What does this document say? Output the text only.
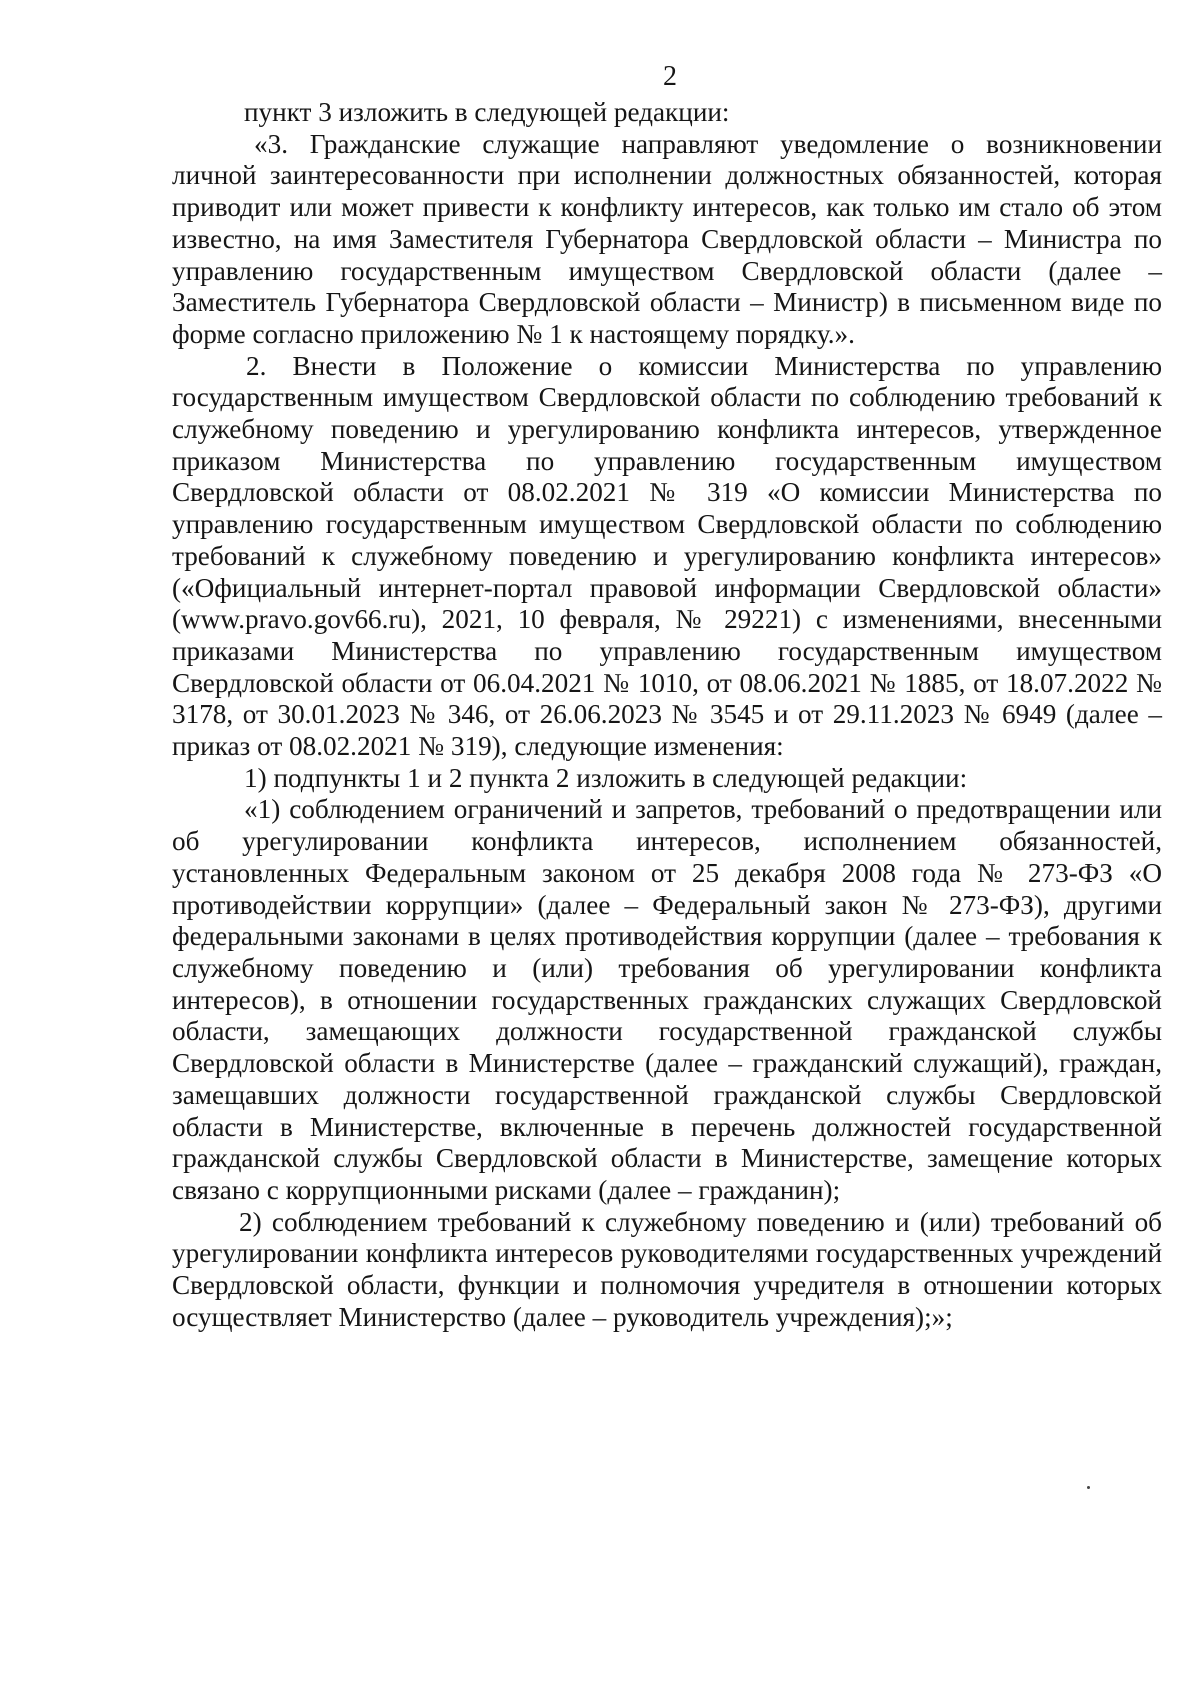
2

пункт 3 изложить в следующей редакции:

«3. Гражданские служащие направляют уведомление о возникновении личной заинтересованности при исполнении должностных обязанностей, которая приводит или может привести к конфликту интересов, как только им стало об этом известно, на имя Заместителя Губернатора Свердловской области – Министра по управлению государственным имуществом Свердловской области (далее – Заместитель Губернатора Свердловской области – Министр) в письменном виде по форме согласно приложению № 1 к настоящему порядку.».

2. Внести в Положение о комиссии Министерства по управлению государственным имуществом Свердловской области по соблюдению требований к служебному поведению и урегулированию конфликта интересов, утвержденное приказом Министерства по управлению государственным имуществом Свердловской области от 08.02.2021 № 319 «О комиссии Министерства по управлению государственным имуществом Свердловской области по соблюдению требований к служебному поведению и урегулированию конфликта интересов» («Официальный интернет-портал правовой информации Свердловской области» (www.pravo.gov66.ru), 2021, 10 февраля, № 29221) с изменениями, внесенными приказами Министерства по управлению государственным имуществом Свердловской области от 06.04.2021 № 1010, от 08.06.2021 № 1885, от 18.07.2022 № 3178, от 30.01.2023 № 346, от 26.06.2023 № 3545 и от 29.11.2023 № 6949 (далее – приказ от 08.02.2021 № 319), следующие изменения:

1) подпункты 1 и 2 пункта 2 изложить в следующей редакции:

«1) соблюдением ограничений и запретов, требований о предотвращении или об урегулировании конфликта интересов, исполнением обязанностей, установленных Федеральным законом от 25 декабря 2008 года № 273-ФЗ «О противодействии коррупции» (далее – Федеральный закон № 273-ФЗ), другими федеральными законами в целях противодействия коррупции (далее – требования к служебному поведению и (или) требования об урегулировании конфликта интересов), в отношении государственных гражданских служащих Свердловской области, замещающих должности государственной гражданской службы Свердловской области в Министерстве (далее – гражданский служащий), граждан, замещавших должности государственной гражданской службы Свердловской области в Министерстве, включенные в перечень должностей государственной гражданской службы Свердловской области в Министерстве, замещение которых связано с коррупционными рисками (далее – гражданин);

2) соблюдением требований к служебному поведению и (или) требований об урегулировании конфликта интересов руководителями государственных учреждений Свердловской области, функции и полномочия учредителя в отношении которых осуществляет Министерство (далее – руководитель учреждения);»;
